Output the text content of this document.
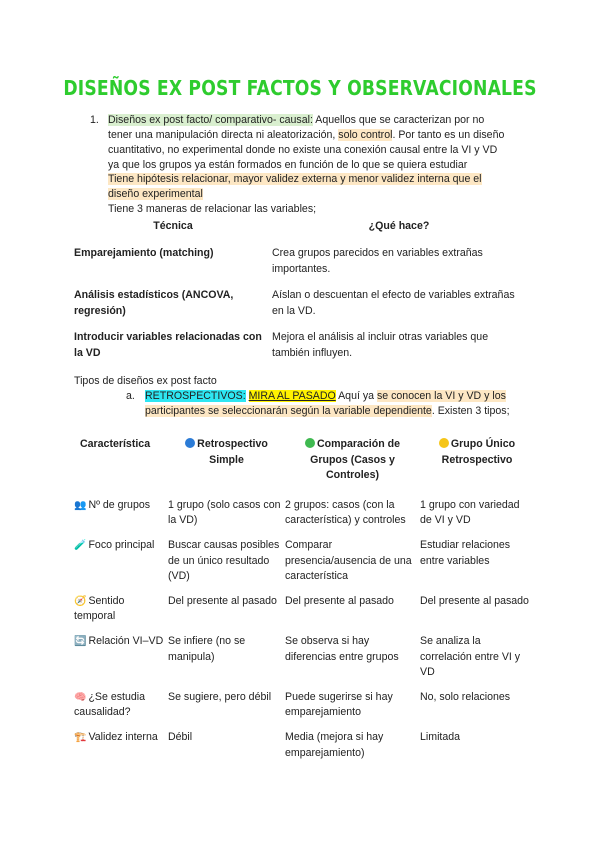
DISEÑOS EX POST FACTOS Y OBSERVACIONALES
1. Diseños ex post facto/ comparativo- causal: Aquellos que se caracterizan por no
tener una manipulación directa ni aleatorización, solo control. Por tanto es un diseño
cuantitativo, no experimental donde no existe una conexión causal entre la VI y VD
ya que los grupos ya están formados en función de lo que se quiera estudiar
Tiene hipótesis relacionar, mayor validez externa y menor validez interna que el
diseño experimental
Tiene 3 maneras de relacionar las variables;
Técnica	¿Qué hace?
Emparejamiento (matching)	Crea grupos parecidos en variables extrañas importantes.
Análisis estadísticos (ANCOVA, regresión)	Aíslan o descuentan el efecto de variables extrañas en la VD.
Introducir variables relacionadas con la VD	Mejora el análisis al incluir otras variables que también influyen.
Tipos de diseños ex post facto
a. RETROSPECTIVOS: MIRA AL PASADO Aquí ya se conocen la VI y VD y los
participantes se seleccionarán según la variable dependiente. Existen 3 tipos;
Característica	Retrospectivo Simple	Comparación de Grupos (Casos y Controles)	Grupo Único Retrospectivo
👥 Nº de grupos	1 grupo (solo casos con la VD)	2 grupos: casos (con la característica) y controles	1 grupo con variedad de VI y VD
🧪 Foco principal	Buscar causas posibles de un único resultado (VD)	Comparar presencia/ausencia de una característica	Estudiar relaciones entre variables
🧭 Sentido temporal	Del presente al pasado	Del presente al pasado	Del presente al pasado
🔄 Relación VI–VD	Se infiere (no se manipula)	Se observa si hay diferencias entre grupos	Se analiza la correlación entre VI y VD
🧠 ¿Se estudia causalidad?	Se sugiere, pero débil	Puede sugerirse si hay emparejamiento	No, solo relaciones
🏗️ Validez interna	Débil	Media (mejora si hay emparejamiento)	Limitada
